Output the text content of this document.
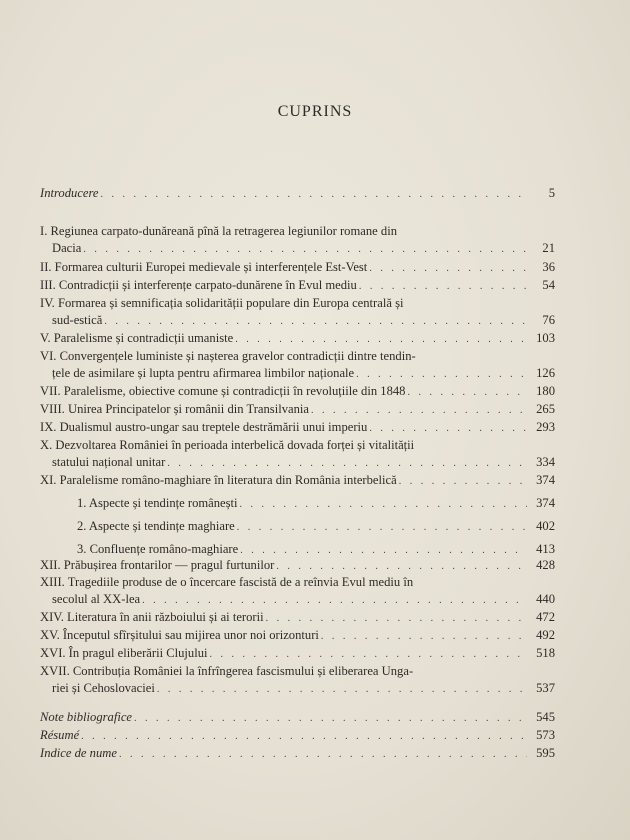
CUPRINS
Introducere . . .	5
I. Regiunea carpato-dunăreană pînă la retragerea legiunilor romane din
Dacia . . .	21
II. Formarea culturii Europei medievale și interferențele Est-Vest . . .	36
III. Contradicții și interferențe carpato-dunărene în Evul mediu . . .	54
IV. Formarea și semnificația solidarității populare din Europa centrală și
sud-estică . . .	76
V. Paralelisme și contradicții umaniste . . .	103
VI. Convergențele luministe și nașterea gravelor contradicții dintre tendin-
țele de asimilare și lupta pentru afirmarea limbilor naționale . . .	126
VII. Paralelisme, obiective comune și contradicții în revoluțiile din 1848 . . .	180
VIII. Unirea Principatelor și românii din Transilvania . . .	265
IX. Dualismul austro-ungar sau treptele destrămării unui imperiu . . .	293
X. Dezvoltarea României în perioada interbelică dovada forței și vitalității
statului național unitar . . .	334
XI. Paralelisme româno-maghiare în literatura din România interbelică . . .	374
1. Aspecte și tendințe românești . . .	374
2. Aspecte și tendințe maghiare . . .	402
3. Confluențe româno-maghiare . . .	413
XII. Prăbușirea frontarilor — pragul furtunilor . . .	428
XIII. Tragediile produse de o încercare fascistă de a reînvia Evul mediu în
secolul al XX-lea . . .	440
XIV. Literatura în anii războiului și ai terorii . . .	472
XV. Începutul sfîrșitului sau mijirea unor noi orizonturi . . .	492
XVI. În pragul eliberării Clujului . . .	518
XVII. Contribuția României la înfrîngerea fascismului și eliberarea Unga-
riei și Cehoslovaciei . . .	537
Note bibliografice . . .	545
Résumé . . .	573
Indice de nume . . .	595
